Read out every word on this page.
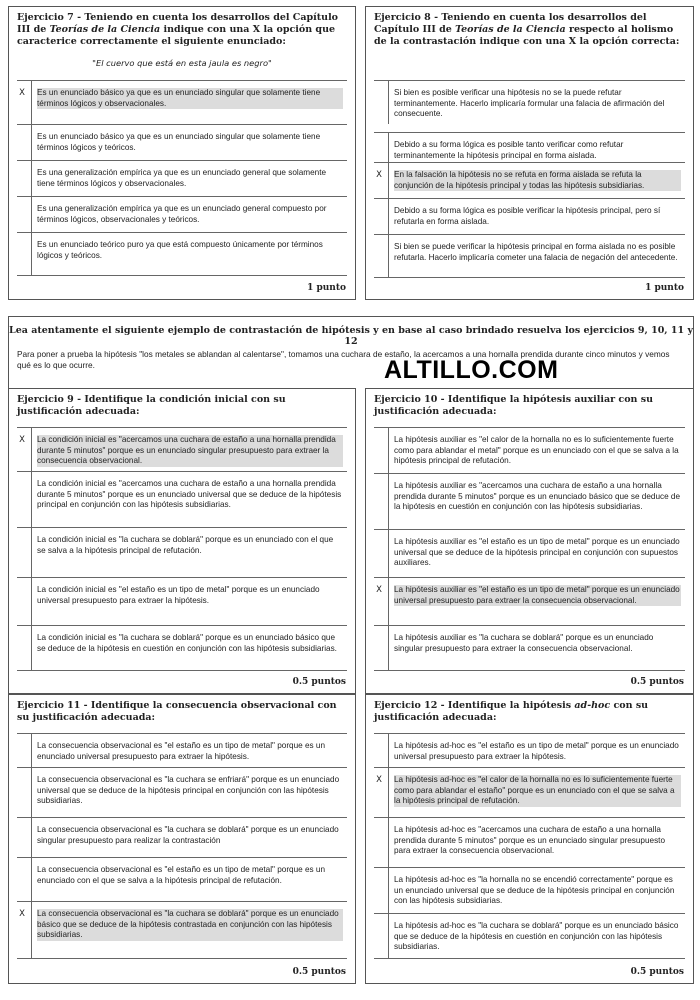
Ejercicio 7 - Teniendo en cuenta los desarrollos del Capítulo III de Teorías de la Ciencia indique con una X la opción que caracterice correctamente el siguiente enunciado:
"El cuervo que está en esta jaula es negro"
X Es un enunciado básico ya que es un enunciado singular que solamente tiene términos lógicos y observacionales.
Es un enunciado básico ya que es un enunciado singular que solamente tiene términos lógicos y teóricos.
Es una generalización empírica ya que es un enunciado general que solamente tiene términos lógicos y observacionales.
Es una generalización empírica ya que es un enunciado general compuesto por términos lógicos, observacionales y teóricos.
Es un enunciado teórico puro ya que está compuesto únicamente por términos lógicos y teóricos.
1 punto
Ejercicio 8 - Teniendo en cuenta los desarrollos del Capítulo III de Teorías de la Ciencia respecto al holismo de la contrastación indique con una X la opción correcta:
Si bien es posible verificar una hipótesis no se la puede refutar terminantemente. Hacerlo implicaría formular una falacia de afirmación del consecuente.
Debido a su forma lógica es posible tanto verificar como refutar terminantemente la hipótesis principal en forma aislada.
X En la falsación la hipótesis no se refuta en forma aislada se refuta la conjunción de la hipótesis principal y todas las hipótesis subsidiarias.
Debido a su forma lógica es posible verificar la hipótesis principal, pero sí refutarla en forma aislada.
Si bien se puede verificar la hipótesis principal en forma aislada no es posible refutarla. Hacerlo implicaría cometer una falacia de negación del antecedente.
1 punto
Lea atentamente el siguiente ejemplo de contrastación de hipótesis y en base al caso brindado resuelva los ejercicios 9, 10, 11 y 12
Para poner a prueba la hipótesis "los metales se ablandan al calentarse", tomamos una cuchara de estaño, la acercamos a una hornalla prendida durante cinco minutos y vemos qué es lo que ocurre.	ALTILLO.COM
Ejercicio 9 - Identifique la condición inicial con su justificación adecuada:
X La condición inicial es "acercamos una cuchara de estaño a una hornalla prendida durante 5 minutos" porque es un enunciado singular presupuesto para extraer la consecuencia observacional.
La condición inicial es "acercamos una cuchara de estaño a una hornalla prendida durante 5 minutos" porque es un enunciado universal que se deduce de la hipótesis principal en conjunción con las hipótesis subsidiarias.
La condición inicial es "la cuchara se doblará" porque es un enunciado con el que se salva a la hipótesis principal de refutación.
La condición inicial es "el estaño es un tipo de metal" porque es un enunciado universal presupuesto para extraer la hipótesis.
La condición inicial es "la cuchara se doblará" porque es un enunciado básico que se deduce de la hipótesis en cuestión en conjunción con las hipótesis subsidiarias.
0.5 puntos
Ejercicio 10 - Identifique la hipótesis auxiliar con su justificación adecuada:
La hipótesis auxiliar es "el calor de la hornalla no es lo suficientemente fuerte como para ablandar el metal" porque es un enunciado con el que se salva a la hipótesis principal de refutación.
La hipótesis auxiliar es "acercamos una cuchara de estaño a una hornalla prendida durante 5 minutos" porque es un enunciado básico que se deduce de la hipótesis en cuestión en conjunción con las hipótesis subsidiarias.
La hipótesis auxiliar es "el estaño es un tipo de metal" porque es un enunciado universal que se deduce de la hipótesis principal en conjunción con supuestos auxiliares.
X La hipótesis auxiliar es "el estaño es un tipo de metal" porque es un enunciado universal presupuesto para extraer la consecuencia observacional.
La hipótesis auxiliar es "la cuchara se doblará" porque es un enunciado singular presupuesto para extraer la consecuencia observacional.
0.5 puntos
Ejercicio 11 - Identifique la consecuencia observacional con su justificación adecuada:
La consecuencia observacional es "el estaño es un tipo de metal" porque es un enunciado universal presupuesto para extraer la hipótesis.
La consecuencia observacional es "la cuchara se enfriará" porque es un enunciado universal que se deduce de la hipótesis principal en conjunción con las hipótesis subsidiarias.
La consecuencia observacional es "la cuchara se doblará" porque es un enunciado singular presupuesto para realizar la contrastación
La consecuencia observacional es "el estaño es un tipo de metal" porque es un enunciado con el que se salva a la hipótesis principal de refutación.
X La consecuencia observacional es "la cuchara se doblará" porque es un enunciado básico que se deduce de la hipótesis contrastada en conjunción con las hipótesis subsidiarias.
0.5 puntos
Ejercicio 12 - Identifique la hipótesis ad-hoc con su justificación adecuada:
La hipótesis ad-hoc es "el estaño es un tipo de metal" porque es un enunciado universal presupuesto para extraer la hipótesis.
X La hipótesis ad-hoc es "el calor de la hornalla no es lo suficientemente fuerte como para ablandar el estaño" porque es un enunciado con el que se salva a la hipótesis principal de refutación.
La hipótesis ad-hoc es "acercamos una cuchara de estaño a una hornalla prendida durante 5 minutos" porque es un enunciado singular presupuesto para extraer la consecuencia observacional.
La hipótesis ad-hoc es "la hornalla no se encendió correctamente" porque es un enunciado universal que se deduce de la hipótesis principal en conjunción con las hipótesis subsidiarias.
La hipótesis ad-hoc es "la cuchara se doblará" porque es un enunciado básico que se deduce de la hipótesis en cuestión en conjunción con las hipótesis subsidiarias.
0.5 puntos
